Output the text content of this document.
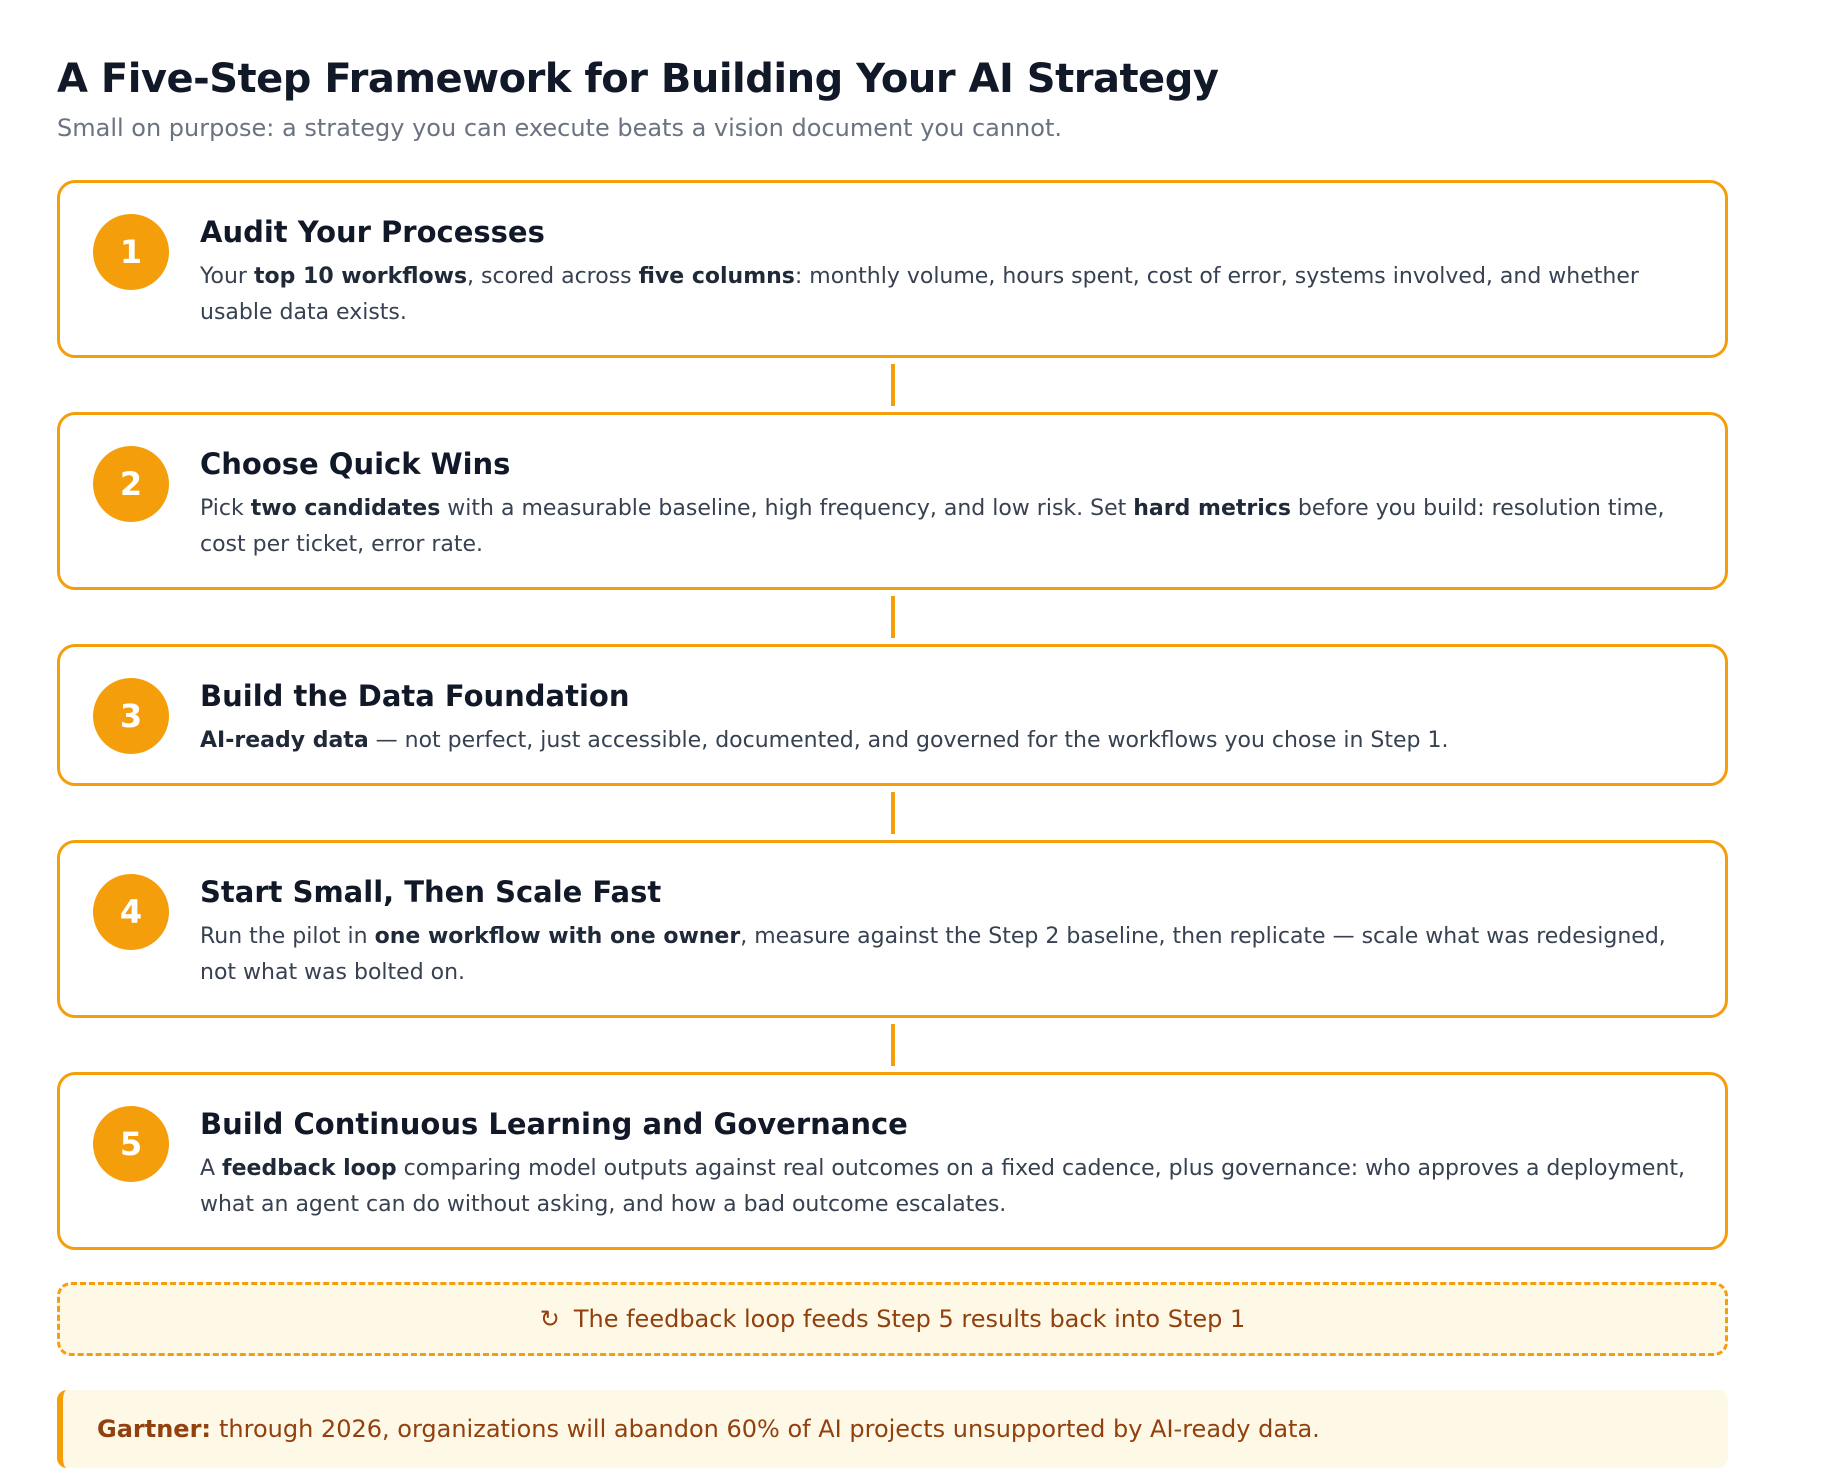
A Five-Step Framework for Building Your AI Strategy

Small on purpose: a strategy you can execute beats a vision document you cannot.

1
Audit Your Processes

Your top 10 workflows, scored across five columns: monthly volume, hours spent, cost of error, systems involved, and whether usable data exists.

2
Choose Quick Wins

Pick two candidates with a measurable baseline, high frequency, and low risk. Set hard metrics before you build: resolution time, cost per ticket, error rate.

3
Build the Data Foundation

AI-ready data — not perfect, just accessible, documented, and governed for the workflows you chose in Step 1.

4
Start Small, Then Scale Fast

Run the pilot in one workflow with one owner, measure against the Step 2 baseline, then replicate — scale what was redesigned, not what was bolted on.

5
Build Continuous Learning and Governance

A feedback loop comparing model outputs against real outcomes on a fixed cadence, plus governance: who approves a deployment, what an agent can do without asking, and how a bad outcome escalates.

↻ The feedback loop feeds Step 5 results back into Step 1
Gartner: through 2026, organizations will abandon 60% of AI projects unsupported by AI-ready data.
